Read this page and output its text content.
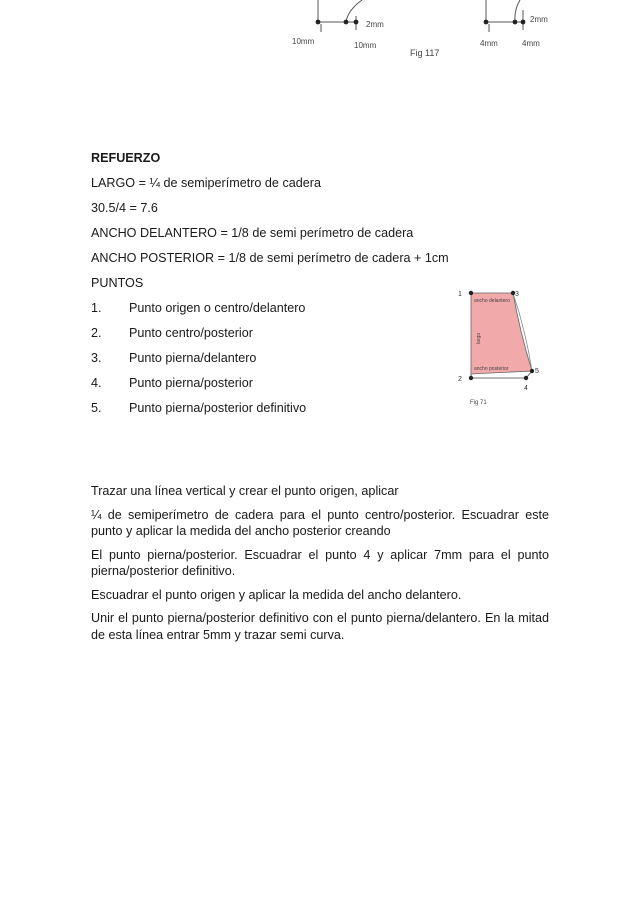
2mm
10mm	10mm
Fig 117
2mm
4mm	4mm

REFUERZO

LARGO = ¼ de semiperímetro de cadera

30.5/4 = 7.6

ANCHO DELANTERO = 1/8 de semi perímetro de cadera

ANCHO POSTERIOR = 1/8 de semi perímetro de cadera + 1cm

PUNTOS

1.	Punto origen o centro/delantero
2.	Punto centro/posterior
3.	Punto pierna/delantero
4.	Punto pierna/posterior
5.	Punto pierna/posterior definitivo
1
2
3
4
5
ancho delantero
largo
ancho posterior
Fig 71

Trazar una línea vertical y crear el punto origen, aplicar

¼ de semiperímetro de cadera para el punto centro/posterior. Escuadrar este punto y aplicar la medida del ancho posterior creando

El punto pierna/posterior. Escuadrar el punto 4 y aplicar 7mm para el punto pierna/posterior definitivo.

Escuadrar el punto origen y aplicar la medida del ancho delantero.

Unir el punto pierna/posterior definitivo con el punto pierna/delantero. En la mitad de esta línea entrar 5mm y trazar semi curva.
